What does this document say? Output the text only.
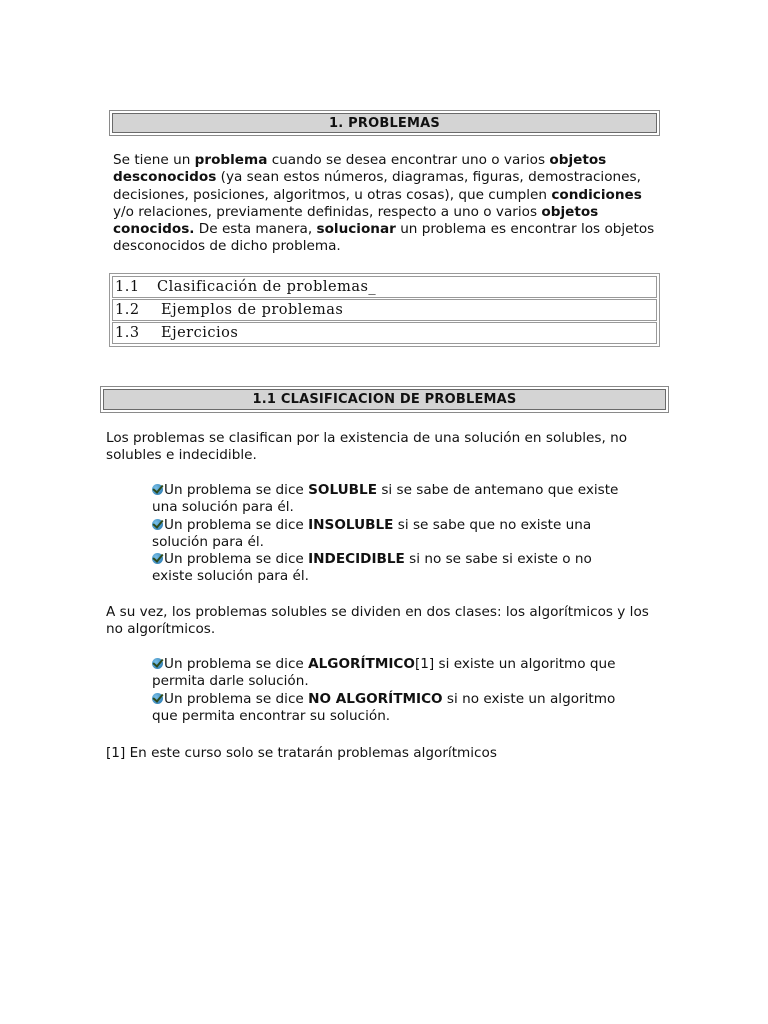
1. PROBLEMAS

Se tiene un problema cuando se desea encontrar uno o varios objetos desconocidos (ya sean estos números, diagramas, figuras, demostraciones, decisiones, posiciones, algoritmos, u otras cosas), que cumplen condiciones y/o relaciones, previamente definidas, respecto a uno o varios objetos conocidos. De esta manera, solucionar un problema es encontrar los objetos desconocidos de dicho problema.

1.1	Clasificación de problemas_
1.2	Ejemplos de problemas
1.3	Ejercicios
1.1 CLASIFICACION DE PROBLEMAS

Los problemas se clasifican por la existencia de una solución en solubles, no solubles e indecidible.

Un problema se dice SOLUBLE si se sabe de antemano que existe una solución para él.

Un problema se dice INSOLUBLE si se sabe que no existe una solución para él.

Un problema se dice INDECIDIBLE si no se sabe si existe o no existe solución para él.

A su vez, los problemas solubles se dividen en dos clases: los algorítmicos y los no algorítmicos.

Un problema se dice ALGORÍTMICO[1] si existe un algoritmo que permita darle solución.

Un problema se dice NO ALGORÍTMICO si no existe un algoritmo que permita encontrar su solución.

[1] En este curso solo se tratarán problemas algorítmicos
